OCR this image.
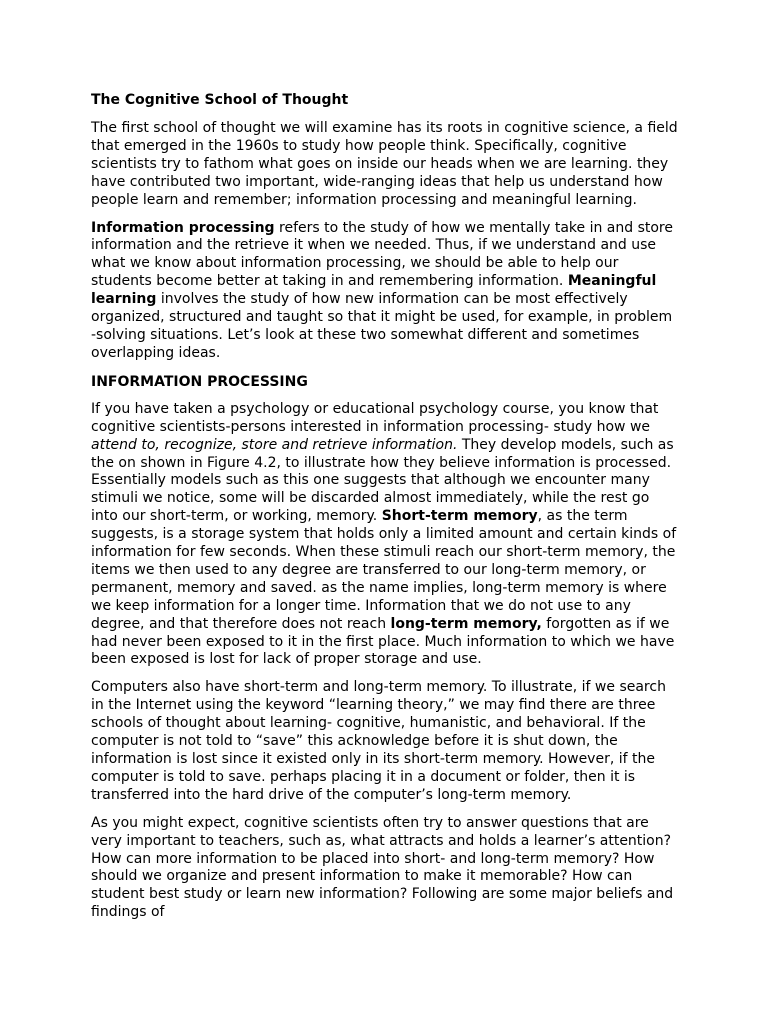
The Cognitive School of Thought

The first school of thought we will examine has its roots in cognitive science, a field that emerged in the 1960s to study how people think. Specifically, cognitive scientists try to fathom what goes on inside our heads when we are learning. they have contributed two important, wide-ranging ideas that help us understand how people learn and remember; information processing and meaningful learning.

Information processing refers to the study of how we mentally take in and store information and the retrieve it when we needed. Thus, if we understand and use what we know about information processing, we should be able to help our students become better at taking in and remembering information. Meaningful learning involves the study of how new information can be most effectively organized, structured and taught so that it might be used, for example, in problem -solving situations. Let’s look at these two somewhat different and sometimes overlapping ideas.

INFORMATION PROCESSING

If you have taken a psychology or educational psychology course, you know that cognitive scientists-persons interested in information processing- study how we attend to, recognize, store and retrieve information. They develop models, such as the on shown in Figure 4.2, to illustrate how they believe information is processed. Essentially models such as this one suggests that although we encounter many stimuli we notice, some will be discarded almost immediately, while the rest go into our short-term, or working, memory. Short-term memory, as the term suggests, is a storage system that holds only a limited amount and certain kinds of information for few seconds. When these stimuli reach our short-term memory, the items we then used to any degree are transferred to our long-term memory, or permanent, memory and saved. as the name implies, long-term memory is where we keep information for a longer time. Information that we do not use to any degree, and that therefore does not reach long-term memory, forgotten as if we had never been exposed to it in the first place. Much information to which we have been exposed is lost for lack of proper storage and use.

Computers also have short-term and long-term memory. To illustrate, if we search in the Internet using the keyword “learning theory,” we may find there are three schools of thought about learning- cognitive, humanistic, and behavioral. If the computer is not told to “save” this acknowledge before it is shut down, the information is lost since it existed only in its short-term memory. However, if the computer is told to save. perhaps placing it in a document or folder, then it is transferred into the hard drive of the computer’s long-term memory.

As you might expect, cognitive scientists often try to answer questions that are very important to teachers, such as, what attracts and holds a learner’s attention? How can more information to be placed into short- and long-term memory? How should we organize and present information to make it memorable? How can student best study or learn new information? Following are some major beliefs and findings of
